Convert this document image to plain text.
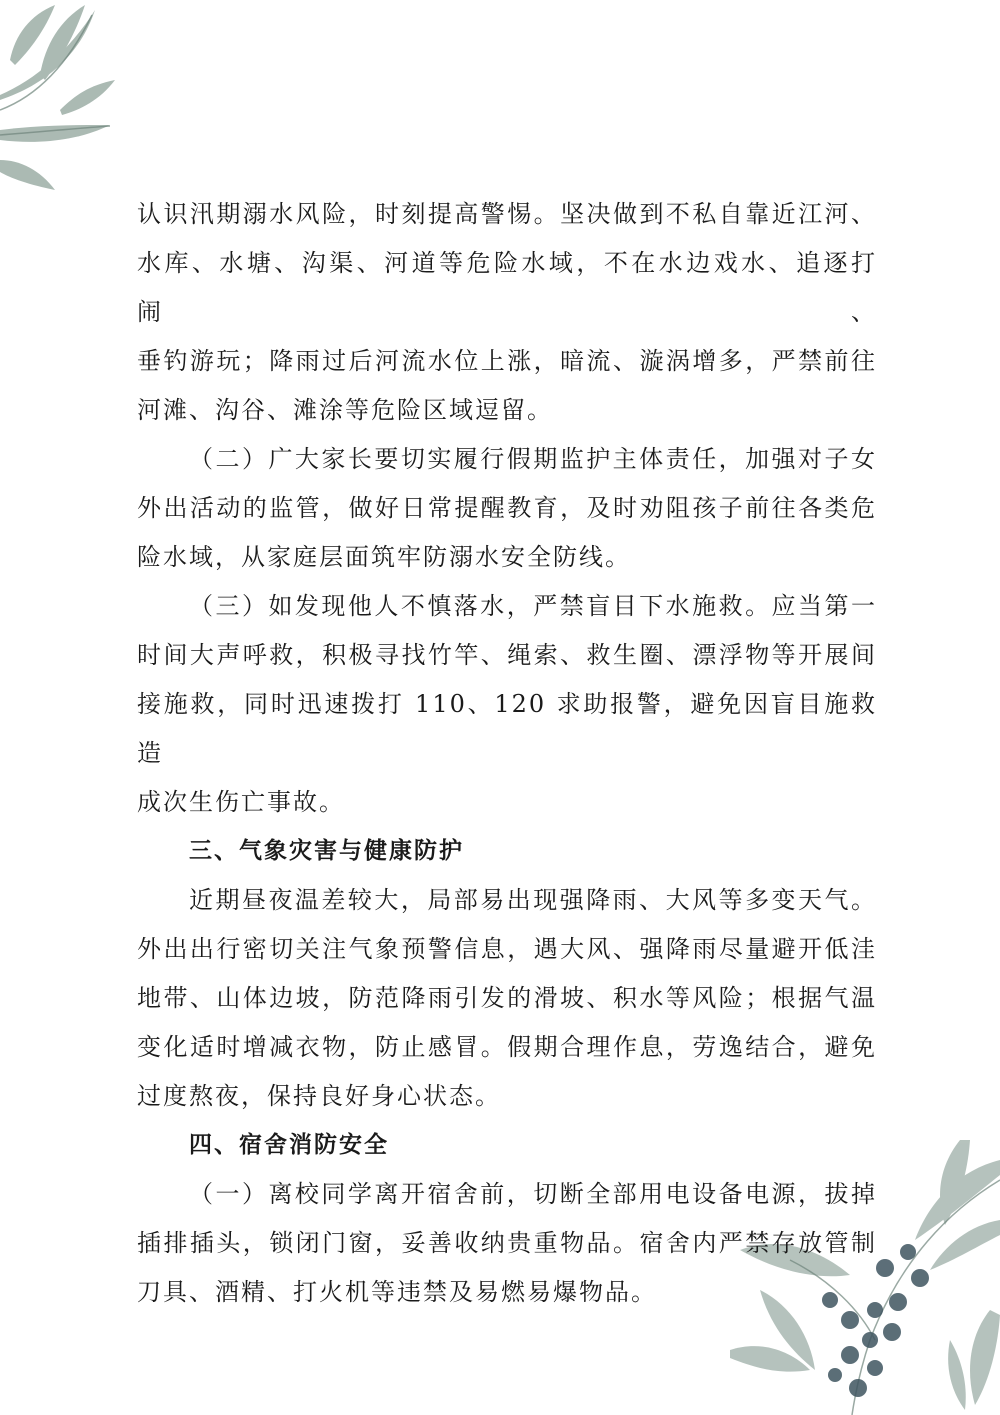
认识汛期溺水风险，时刻提高警惕。坚决做到不私自靠近江河、

水库、水塘、沟渠、河道等危险水域，不在水边戏水、追逐打闹、

垂钓游玩；降雨过后河流水位上涨，暗流、漩涡增多，严禁前往

河滩、沟谷、滩涂等危险区域逗留。

（二）广大家长要切实履行假期监护主体责任，加强对子女

外出活动的监管，做好日常提醒教育，及时劝阻孩子前往各类危

险水域，从家庭层面筑牢防溺水安全防线。

（三）如发现他人不慎落水，严禁盲目下水施救。应当第一

时间大声呼救，积极寻找竹竿、绳索、救生圈、漂浮物等开展间

接施救，同时迅速拨打 110、120 求助报警，避免因盲目施救造

成次生伤亡事故。

三、气象灾害与健康防护

近期昼夜温差较大，局部易出现强降雨、大风等多变天气。

外出出行密切关注气象预警信息，遇大风、强降雨尽量避开低洼

地带、山体边坡，防范降雨引发的滑坡、积水等风险；根据气温

变化适时增减衣物，防止感冒。假期合理作息，劳逸结合，避免

过度熬夜，保持良好身心状态。

四、宿舍消防安全

（一）离校同学离开宿舍前，切断全部用电设备电源，拔掉

插排插头，锁闭门窗，妥善收纳贵重物品。宿舍内严禁存放管制

刀具、酒精、打火机等违禁及易燃易爆物品。
